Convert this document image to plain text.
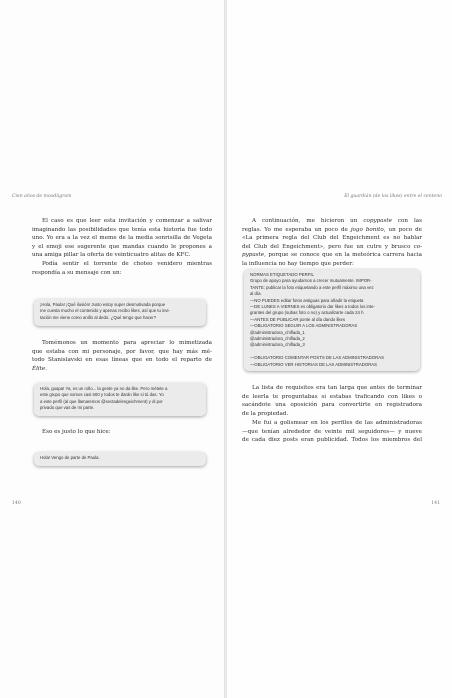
Cien años de moodiigram
El caso es que leer esta invitación y comenzar a salivar
imaginando las posibilidades que tenía esta historia fue todo
uno. Yo era a la vez el meme de la media sonrisilla de Vegeta
y el emoji ese sugerente que mandas cuando le propones a
una amiga pillar la oferta de veinticuatro alitas de KFC.
Podía sentir el torrente de choteo venidero mientras respondía a su mensaje con un:
¡Hola, Paula! ¡Qué ilusión! Justo estoy super desmotivada porque
me cuesta mucho el contenido y apenas recibo likes, así que tu invi-
tación me viene como anillo al dedo. ¿Qué tengo que hacer?
Tomémonos un momento para apreciar lo mimetizada
que estaba con mi personaje, por favor, que hay más mé-
todo Stanislavski en esas líneas que en todo el reparto de
Élite.
Hola, guapa! Ya, es un rollo... la gente ya no da like. Pero métete a
este grupo que somos casi 600 y todos te darán like si tú das. Yo
a este perfil (al que llamaremos @sectadelengeichment) y di por
privado que vas de mi parte.
Eso es justo lo que hice:
Hola! Vengo de parte de Paula.
140
El guardián (de los likes) entre el centeno
A continuación, me hicieron un copypaste con las
reglas. Yo me esperaba un poco de jogo bonito, un poco de
«La primera regla del Club del Engeichment es no hablar
del Club del Engeichment», pero fue un cutre y brusco co-
pypaste, porque se conoce que en la meteórica carrera hacia
la influencia no hay tiempo que perder:
NORMAS ETIQUETADO PERFIL
Grupo de apoyo para ayudarnos a crecer mutuamente. IMPOR-
TANTE: publicar la foto etiquetando a este perfil máximo una vez
al día.
—NO PUEDES editar fotos antiguas para añadir la etiqueta
—DE LUNES A VIERNES es obligatorio dar likes a todos los inte-
grantes del grupo (subas foto o no) y actualizarte cada 24 h
—ANTES DE PUBLICAR ponte al día dando likes
—OBLIGATORIO SEGUIR A LOS ADMINISTRADORAS
@administradora_chiflada_1
@administradora_chiflada_2
@administradora_chiflada_3
—OBLIGATORIO COMENTAR POSTS DE LAS ADMINISTRADORAS
—OBLIGATORIO VER HISTORIAS DE LAS ADMINISTRADORAS
La lista de requisitos era tan larga que antes de terminar
de leerla te preguntabas si estabas traficando con likes o
sacándote una oposición para convertirte en registradora
de la propiedad.
Me fui a golismear en los perfiles de las administradoras
—que tenían alrededor de veinte mil seguidores— y nueve
de cada diez posts eran publicidad. Todos los miembros del
141
